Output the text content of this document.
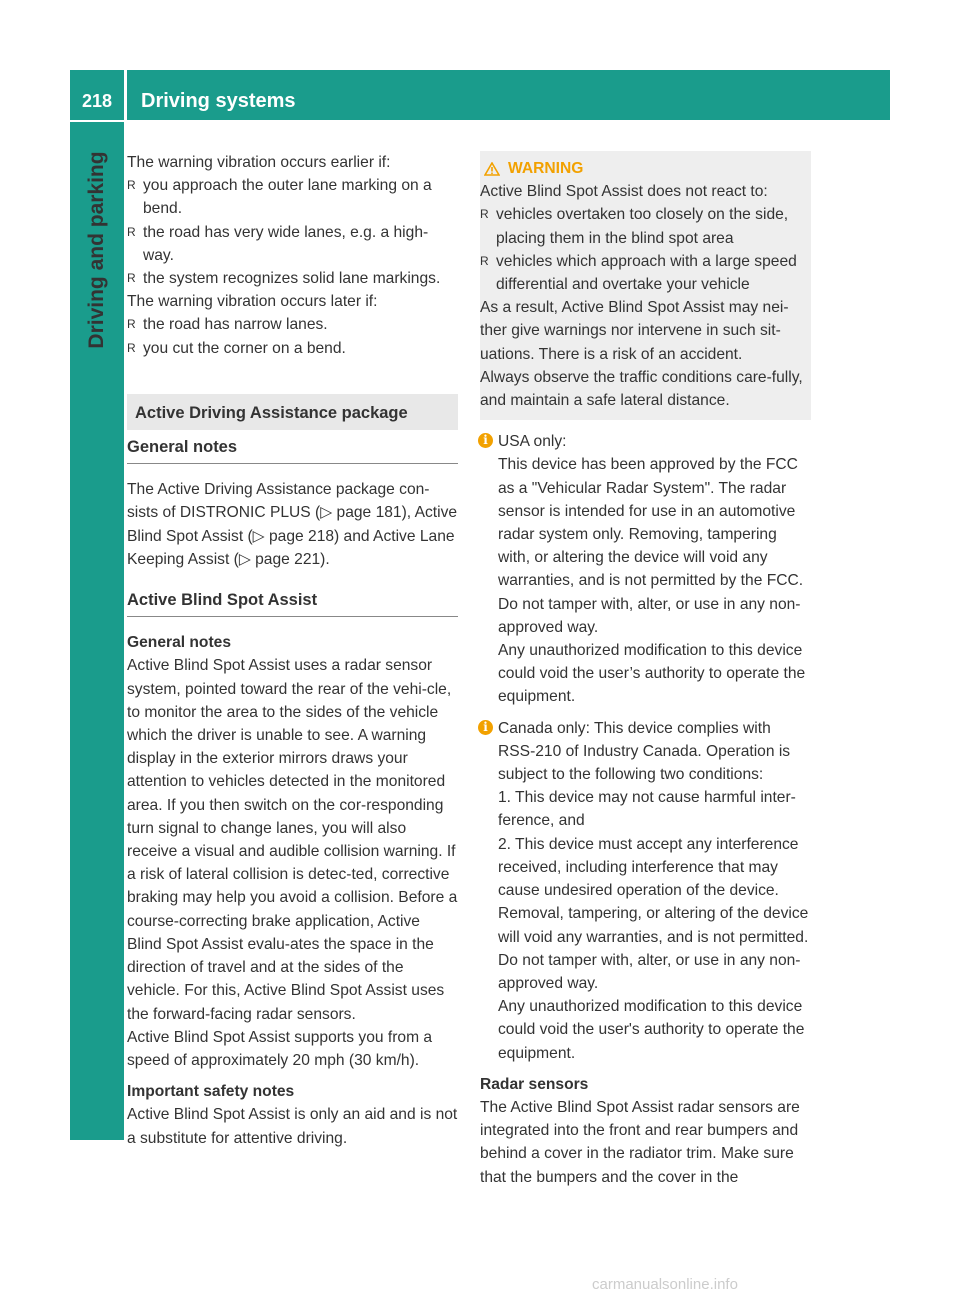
218	Driving systems
Driving and parking The warning vibration occurs earlier if:

R you approach the outer lane marking on a bend.
R the road has very wide lanes, e.g. a high-way.
R the system recognizes solid lane markings.

The warning vibration occurs later if:

R the road has narrow lanes.
R you cut the corner on a bend.
Active Driving Assistance package
General notes

The Active Driving Assistance package con-sists of DISTRONIC PLUS (▷ page 181), Active Blind Spot Assist (▷ page 218) and Active Lane Keeping Assist (▷ page 221).

Active Blind Spot Assist
General notes

Active Blind Spot Assist uses a radar sensor system, pointed toward the rear of the vehi-cle, to monitor the area to the sides of the vehicle which the driver is unable to see. A warning display in the exterior mirrors draws your attention to vehicles detected in the monitored area. If you then switch on the cor-responding turn signal to change lanes, you will also receive a visual and audible collision warning. If a risk of lateral collision is detec-ted, corrective braking may help you avoid a collision. Before a course-correcting brake application, Active Blind Spot Assist evalu-ates the space in the direction of travel and at the sides of the vehicle. For this, Active Blind Spot Assist uses the forward-facing radar sensors.

Active Blind Spot Assist supports you from a speed of approximately 20 mph (30 km/h).

Important safety notes

Active Blind Spot Assist is only an aid and is not a substitute for attentive driving.

WARNING

Active Blind Spot Assist does not react to:

R vehicles overtaken too closely on the side, placing them in the blind spot area
R vehicles which approach with a large speed differential and overtake your vehicle

As a result, Active Blind Spot Assist may nei-ther give warnings nor intervene in such sit-uations. There is a risk of an accident.

Always observe the traffic conditions care-fully, and maintain a safe lateral distance.

i USA only:

This device has been approved by the FCC as a "Vehicular Radar System". The radar sensor is intended for use in an automotive radar system only. Removing, tampering with, or altering the device will void any warranties, and is not permitted by the FCC. Do not tamper with, alter, or use in any non-approved way.

Any unauthorized modification to this device could void the user’s authority to operate the equipment.

i Canada only: This device complies with RSS-210 of Industry Canada. Operation is subject to the following two conditions:

1. This device may not cause harmful inter-ference, and

2. This device must accept any interference received, including interference that may cause undesired operation of the device.

Removal, tampering, or altering of the device will void any warranties, and is not permitted. Do not tamper with, alter, or use in any non-approved way.

Any unauthorized modification to this device could void the user's authority to operate the equipment.

Radar sensors

The Active Blind Spot Assist radar sensors are integrated into the front and rear bumpers and behind a cover in the radiator trim. Make sure that the bumpers and the cover in the

carmanualsonline.info
